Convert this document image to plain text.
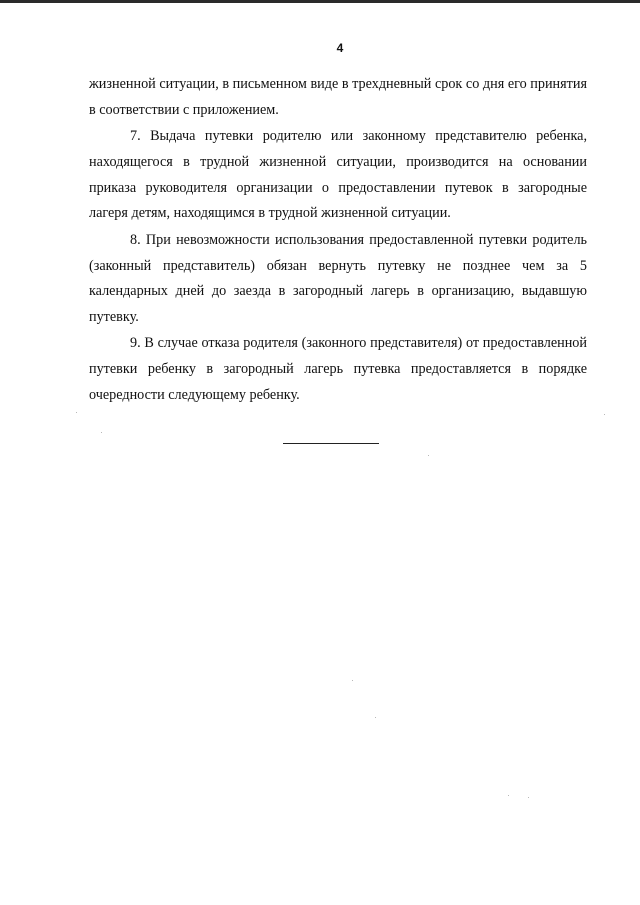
4

жизненной ситуации, в письменном виде в трехдневный срок со дня его принятия в соответствии с приложением.

7. Выдача путевки родителю или законному представителю ребенка, находящегося в трудной жизненной ситуации, производится на основании приказа руководителя организации о предоставлении путевок в загородные лагеря детям, находящимся в трудной жизненной ситуации.

8. При невозможности использования предоставленной путевки родитель (законный представитель) обязан вернуть путевку не позднее чем за 5 календарных дней до заезда в загородный лагерь в организацию, выдавшую путевку.

9. В случае отказа родителя (законного представителя) от предоставленной путевки ребенку в загородный лагерь путевка предоставляется в порядке очередности следующему ребенку.
